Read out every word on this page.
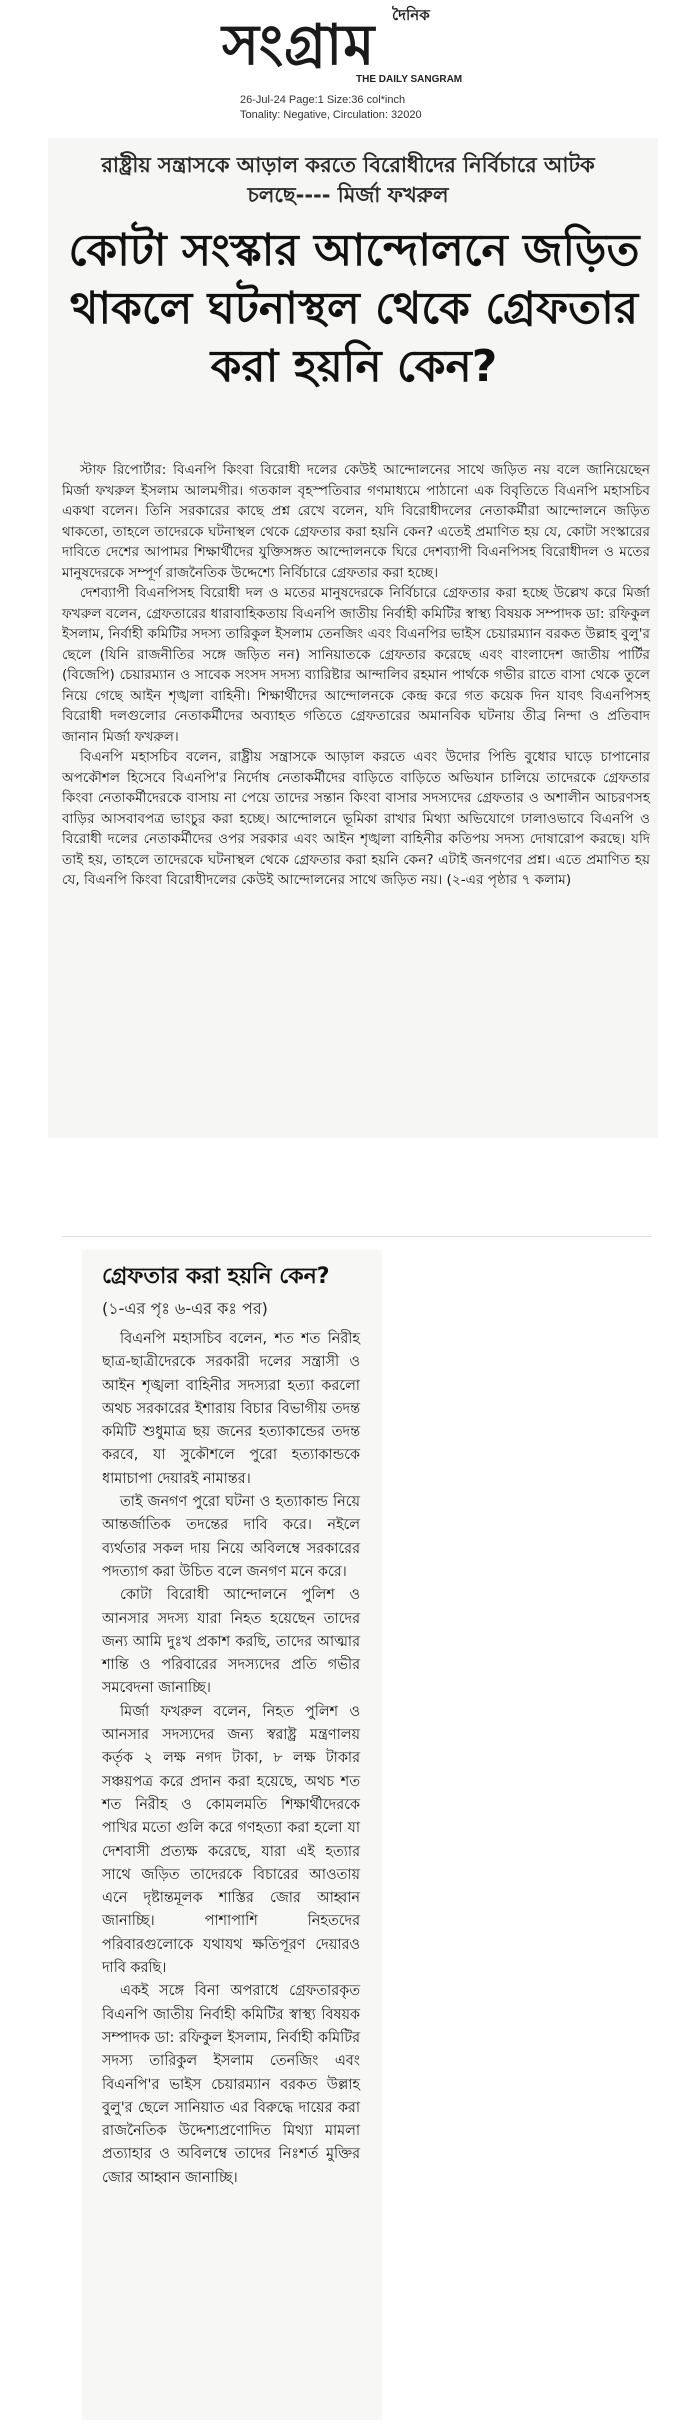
দৈনিক
সংগ্রাম
THE DAILY SANGRAM
26-Jul-24 Page:1 Size:36 col*inch
Tonality: Negative, Circulation: 32020
রাষ্ট্রীয় সন্ত্রাসকে আড়াল করতে বিরোধীদের নির্বিচারে আটক চলছে---- মির্জা ফখরুল
কোটা সংস্কার আন্দোলনে জড়িত থাকলে ঘটনাস্থল থেকে গ্রেফতার করা হয়নি কেন?

স্টাফ রিপোর্টার: বিএনপি কিংবা বিরোধী দলের কেউই আন্দোলনের সাথে জড়িত নয় বলে জানিয়েছেন মির্জা ফখরুল ইসলাম আলমগীর। গতকাল বৃহস্পতিবার গণমাধ্যমে পাঠানো এক বিবৃতিতে বিএনপি মহাসচিব একথা বলেন। তিনি সরকারের কাছে প্রশ্ন রেখে বলেন, যদি বিরোধীদলের নেতাকর্মীরা আন্দোলনে জড়িত থাকতো, তাহলে তাদেরকে ঘটনাস্থল থেকে গ্রেফতার করা হয়নি কেন? এতেই প্রমাণিত হয় যে, কোটা সংস্কারের দাবিতে দেশের আপামর শিক্ষার্থীদের যুক্তিসঙ্গত আন্দোলনকে ঘিরে দেশব্যাপী বিএনপিসহ বিরোধীদল ও মতের মানুষদেরকে সম্পূর্ণ রাজনৈতিক উদ্দেশ্যে নির্বিচারে গ্রেফতার করা হচ্ছে।

দেশব্যাপী বিএনপিসহ বিরোধী দল ও মতের মানুষদেরকে নির্বিচারে গ্রেফতার করা হচ্ছে উল্লেখ করে মির্জা ফখরুল বলেন, গ্রেফতারের ধারাবাহিকতায় বিএনপি জাতীয় নির্বাহী কমিটির স্বাস্থ্য বিষয়ক সম্পাদক ডা: রফিকুল ইসলাম, নির্বাহী কমিটির সদস্য তারিকুল ইসলাম তেনজিং এবং বিএনপির ভাইস চেয়ারম্যান বরকত উল্লাহ বুলু'র ছেলে (যিনি রাজনীতির সঙ্গে জড়িত নন) সানিয়াতকে গ্রেফতার করেছে এবং বাংলাদেশ জাতীয় পার্টির (বিজেপি) চেয়ারম্যান ও সাবেক সংসদ সদস্য ব্যারিষ্টার আন্দালিব রহমান পার্থকে গভীর রাতে বাসা থেকে তুলে নিয়ে গেছে আইন শৃঙ্খলা বাহিনী। শিক্ষার্থীদের আন্দোলনকে কেন্দ্র করে গত কয়েক দিন যাবৎ বিএনপিসহ বিরোধী দলগুলোর নেতাকর্মীদের অব্যাহত গতিতে গ্রেফতারের অমানবিক ঘটনায় তীব্র নিন্দা ও প্রতিবাদ জানান মির্জা ফখরুল।

বিএনপি মহাসচিব বলেন, রাষ্ট্রীয় সন্ত্রাসকে আড়াল করতে এবং উদোর পিন্ডি বুধোর ঘাড়ে চাপানোর অপকৌশল হিসেবে বিএনপি'র নির্দোষ নেতাকর্মীদের বাড়িতে বাড়িতে অভিযান চালিয়ে তাদেরকে গ্রেফতার কিংবা নেতাকর্মীদেরকে বাসায় না পেয়ে তাদের সন্তান কিংবা বাসার সদস্যদের গ্রেফতার ও অশালীন আচরণসহ বাড়ির আসবাবপত্র ভাংচুর করা হচ্ছে। আন্দোলনে ভূমিকা রাখার মিথ্যা অভিযোগে ঢালাওভাবে বিএনপি ও বিরোধী দলের নেতাকর্মীদের ওপর সরকার এবং আইন শৃঙ্খলা বাহিনীর কতিপয় সদস্য দোষারোপ করছে। যদি তাই হয়, তাহলে তাদেরকে ঘটনাস্থল থেকে গ্রেফতার করা হয়নি কেন? এটাই জনগণের প্রশ্ন। এতে প্রমাণিত হয় যে, বিএনপি কিংবা বিরোধীদলের কেউই আন্দোলনের সাথে জড়িত নয়। (২-এর পৃষ্ঠার ৭ কলাম)

গ্রেফতার করা হয়নি কেন?
(১-এর পৃঃ ৬-এর কঃ পর)

বিএনপি মহাসচিব বলেন, শত শত নিরীহ ছাত্র-ছাত্রীদেরকে সরকারী দলের সন্ত্রাসী ও আইন শৃঙ্খলা বাহিনীর সদস্যরা হত্যা করলো অথচ সরকারের ইশারায় বিচার বিভাগীয় তদন্ত কমিটি শুধুমাত্র ছয় জনের হত্যাকান্ডের তদন্ত করবে, যা সুকৌশলে পুরো হত্যাকান্ডকে ধামাচাপা দেয়ারই নামান্তর।

তাই জনগণ পুরো ঘটনা ও হত্যাকান্ড নিয়ে আন্তর্জাতিক তদন্তের দাবি করে। নইলে ব্যর্থতার সকল দায় নিয়ে অবিলম্বে সরকারের পদত্যাগ করা উচিত বলে জনগণ মনে করে।

কোটা বিরোধী আন্দোলনে পুলিশ ও আনসার সদস্য যারা নিহত হয়েছেন তাদের জন্য আমি দুঃখ প্রকাশ করছি, তাদের আত্মার শান্তি ও পরিবারের সদস্যদের প্রতি গভীর সমবেদনা জানাচ্ছি।

মির্জা ফখরুল বলেন, নিহত পুলিশ ও আনসার সদস্যদের জন্য স্বরাষ্ট্র মন্ত্রণালয় কর্তৃক ২ লক্ষ নগদ টাকা, ৮ লক্ষ টাকার সঞ্চয়পত্র করে প্রদান করা হয়েছে, অথচ শত শত নিরীহ ও কোমলমতি শিক্ষার্থীদেরকে পাখির মতো গুলি করে গণহত্যা করা হলো যা দেশবাসী প্রত্যক্ষ করেছে, যারা এই হত্যার সাথে জড়িত তাদেরকে বিচারের আওতায় এনে দৃষ্টান্তমূলক শাস্তির জোর আহ্বান জানাচ্ছি। পাশাপাশি নিহতদের পরিবারগুলোকে যথাযথ ক্ষতিপূরণ দেয়ারও দাবি করছি।

একই সঙ্গে বিনা অপরাধে গ্রেফতারকৃত বিএনপি জাতীয় নির্বাহী কমিটির স্বাস্থ্য বিষয়ক সম্পাদক ডা: রফিকুল ইসলাম, নির্বাহী কমিটির সদস্য তারিকুল ইসলাম তেনজিং এবং বিএনপি'র ভাইস চেয়ারম্যান বরকত উল্লাহ বুলু'র ছেলে সানিয়াত এর বিরুদ্ধে দায়ের করা রাজনৈতিক উদ্দেশ্যপ্রণোদিত মিথ্যা মামলা প্রত্যাহার ও অবিলম্বে তাদের নিঃশর্ত মুক্তির জোর আহ্বান জানাচ্ছি।
